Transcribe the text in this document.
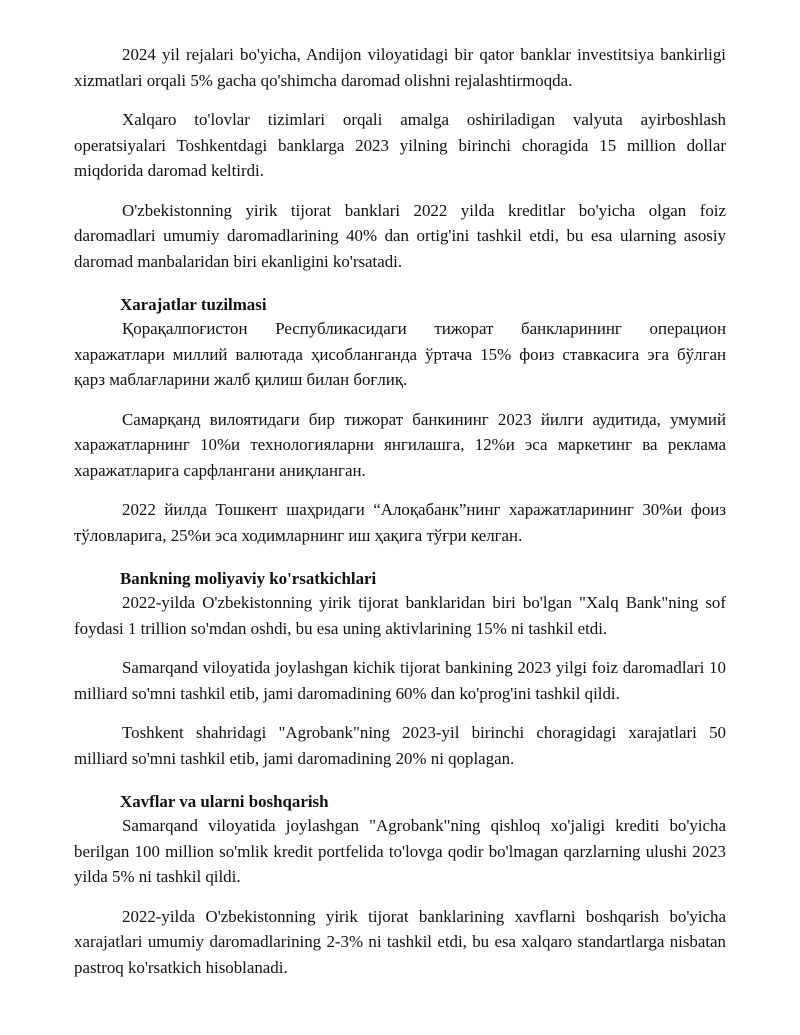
2024 yil rejalari bo'yicha, Andijon viloyatidagi bir qator banklar investitsiya bankirligi xizmatlari orqali 5% gacha qo'shimcha daromad olishni rejalashtirmoqda.

Xalqaro to'lovlar tizimlari orqali amalga oshiriladigan valyuta ayirboshlash operatsiyalari Toshkentdagi banklarga 2023 yilning birinchi choragida 15 million dollar miqdorida daromad keltirdi.

O'zbekistonning yirik tijorat banklari 2022 yilda kreditlar bo'yicha olgan foiz daromadlari umumiy daromadlarining 40% dan ortig'ini tashkil etdi, bu esa ularning asosiy daromad manbalaridan biri ekanligini ko'rsatadi.

Xarajatlar tuzilmasi

Қорақалпоғистон Республикасидаги тижорат банкларининг операцион харажатлари миллий валютада ҳисобланганда ўртача 15% фоиз ставкасига эга бўлган қарз маблағларини жалб қилиш билан боғлиқ.

Самарқанд вилоятидаги бир тижорат банкининг 2023 йилги аудитида, умумий харажатларнинг 10%и технологияларни янгилашга, 12%и эса маркетинг ва реклама харажатларига сарфлангани аниқланган.

2022 йилда Тошкент шаҳридаги “Алоқабанк”нинг харажатларининг 30%и фоиз тўловларига, 25%и эса ходимларнинг иш ҳақига тўғри келган.

Bankning moliyaviy ko'rsatkichlari

2022-yilda O'zbekistonning yirik tijorat banklaridan biri bo'lgan "Xalq Bank"ning sof foydasi 1 trillion so'mdan oshdi, bu esa uning aktivlarining 15% ni tashkil etdi.

Samarqand viloyatida joylashgan kichik tijorat bankining 2023 yilgi foiz daromadlari 10 milliard so'mni tashkil etib, jami daromadining 60% dan ko'prog'ini tashkil qildi.

Toshkent shahridagi "Agrobank"ning 2023-yil birinchi choragidagi xarajatlari 50 milliard so'mni tashkil etib, jami daromadining 20% ni qoplagan.

Xavflar va ularni boshqarish

Samarqand viloyatida joylashgan "Agrobank"ning qishloq xo'jaligi krediti bo'yicha berilgan 100 million so'mlik kredit portfelida to'lovga qodir bo'lmagan qarzlarning ulushi 2023 yilda 5% ni tashkil qildi.

2022-yilda O'zbekistonning yirik tijorat banklarining xavflarni boshqarish bo'yicha xarajatlari umumiy daromadlarining 2-3% ni tashkil etdi, bu esa xalqaro standartlarga nisbatan pastroq ko'rsatkich hisoblanadi.
